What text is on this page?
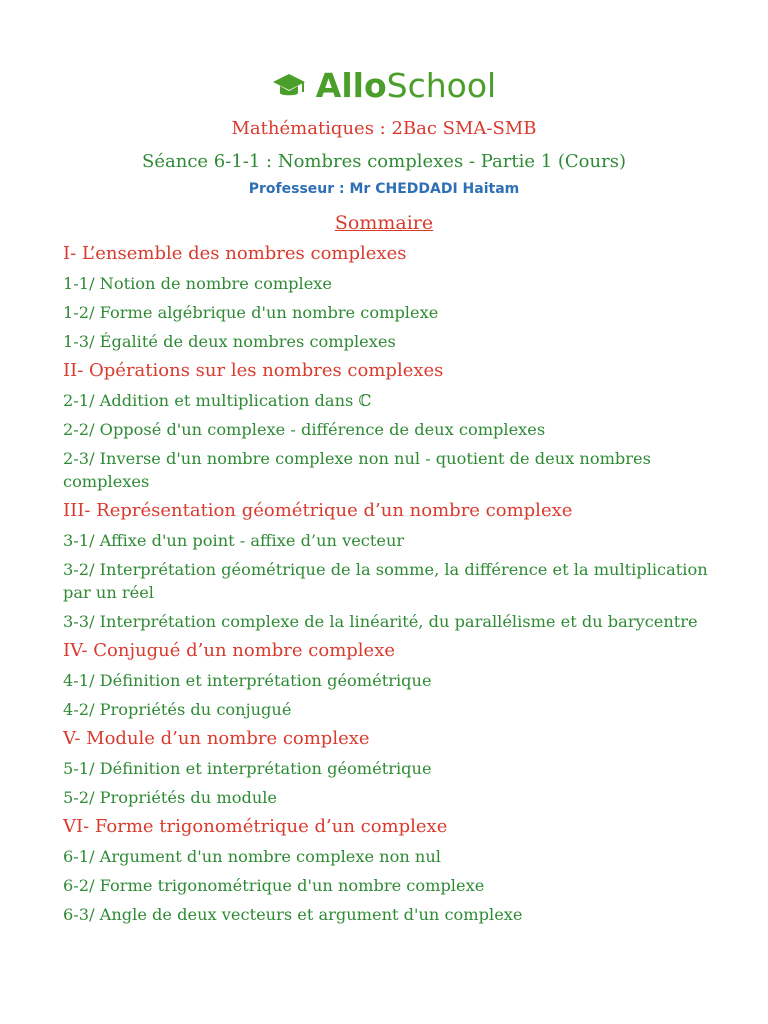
AlloSchool
Mathématiques : 2Bac SMA-SMB
Séance 6-1-1 : Nombres complexes - Partie 1 (Cours)
Professeur : Mr CHEDDADI Haitam
Sommaire
I- L’ensemble des nombres complexes
1-1/ Notion de nombre complexe
1-2/ Forme algébrique d'un nombre complexe
1-3/ Égalité de deux nombres complexes
II- Opérations sur les nombres complexes
2-1/ Addition et multiplication dans ℂ
2-2/ Opposé d'un complexe - différence de deux complexes
2-3/ Inverse d'un nombre complexe non nul - quotient de deux nombres complexes
III- Représentation géométrique d’un nombre complexe
3-1/ Affixe d'un point - affixe d’un vecteur
3-2/ Interprétation géométrique de la somme, la différence et la multiplication par un réel
3-3/ Interprétation complexe de la linéarité, du parallélisme et du barycentre
IV- Conjugué d’un nombre complexe
4-1/ Définition et interprétation géométrique
4-2/ Propriétés du conjugué
V- Module d’un nombre complexe
5-1/ Définition et interprétation géométrique
5-2/ Propriétés du module
VI- Forme trigonométrique d’un complexe
6-1/ Argument d'un nombre complexe non nul
6-2/ Forme trigonométrique d'un nombre complexe
6-3/ Angle de deux vecteurs et argument d'un complexe
